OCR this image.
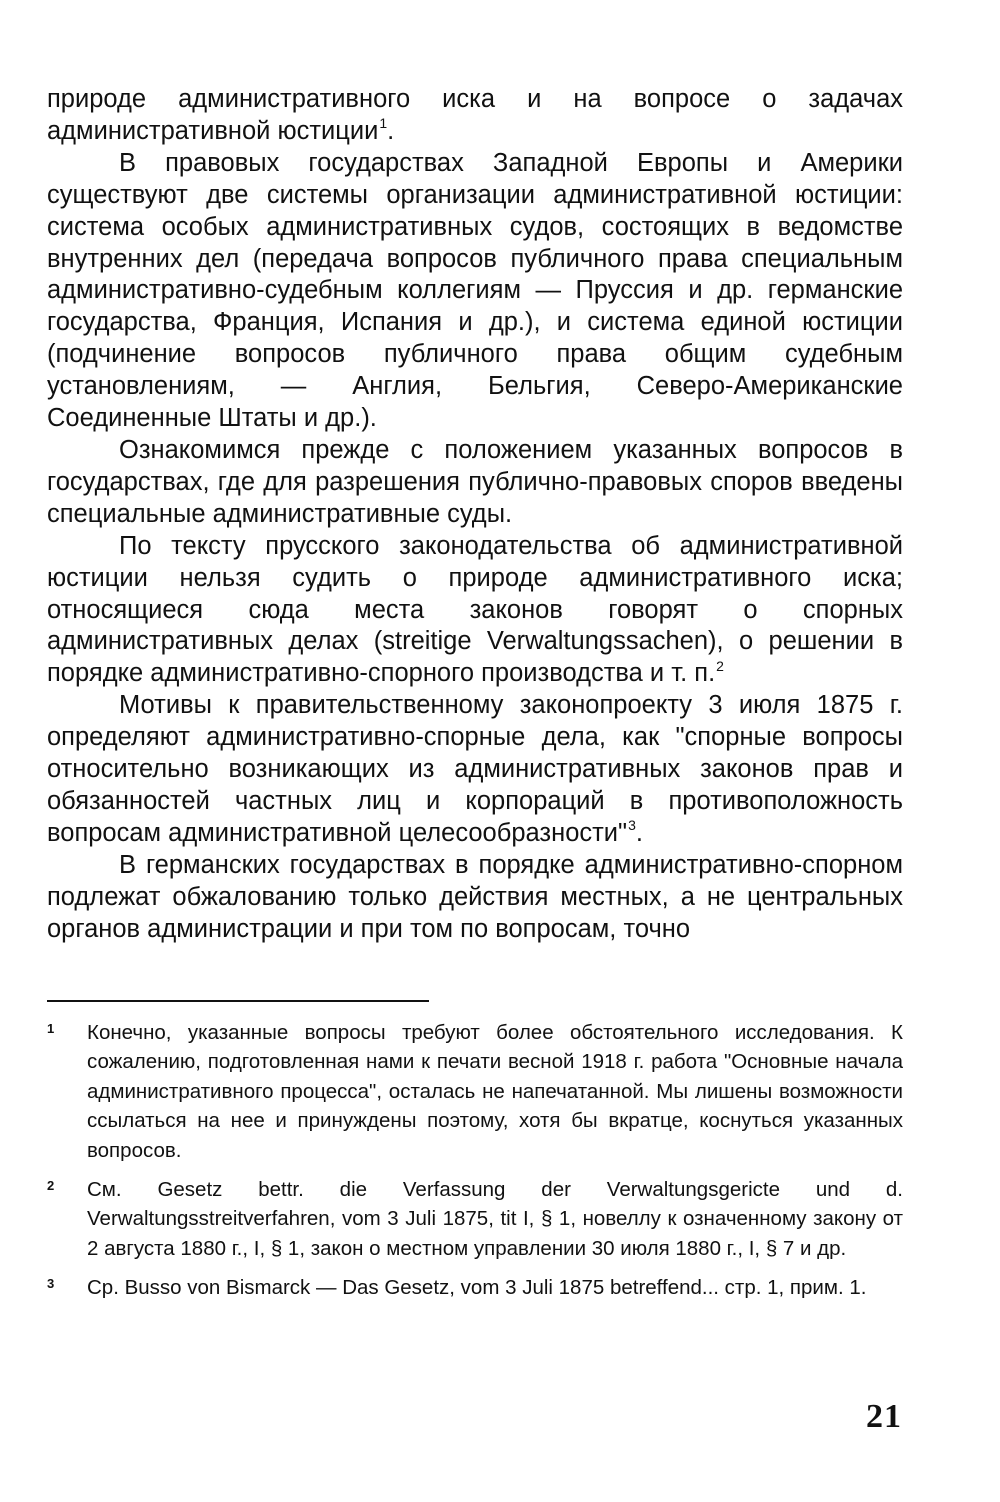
природе административного иска и на вопросе о задачах административной юстиции$^1$.

В правовых государствах Западной Европы и Америки существуют две системы организации административной юстиции: система особых административных судов, состоящих в ведомстве внутренних дел (передача вопросов публичного права специальным административно-судебным коллегиям — Пруссия и др. германские государства, Франция, Испания и др.), и система единой юстиции (подчинение вопросов публичного права общим судебным установлениям, — Англия, Бельгия, Северо-Американские Соединенные Штаты и др.).

Ознакомимся прежде с положением указанных вопросов в государствах, где для разрешения публично-правовых споров введены специальные административные суды.

По тексту прусского законодательства об административной юстиции нельзя судить о природе административного иска; относящиеся сюда места законов говорят о спорных административных делах (streitige Verwaltungssachen), о решении в порядке административно-спорного производства и т. п.$^2$

Мотивы к правительственному законопроекту 3 июля 1875 г. определяют административно-спорные дела, как "спорные вопросы относительно возникающих из административных законов прав и обязанностей частных лиц и корпораций в противоположность вопросам административной целесообразности"$^3$.

В германских государствах в порядке административно-спорном подлежат обжалованию только действия местных, а не центральных органов администрации и при том по вопросам, точно

1	Конечно, указанные вопросы требуют более обстоятельного исследования. К сожалению, подготовленная нами к печати весной 1918 г. работа "Основные начала административного процесса", осталась не напечатанной. Мы лишены возможности ссылаться на нее и принуждены поэтому, хотя бы вкратце, коснуться указанных вопросов.
2	См. Gesetz bettr. die Verfassung der Verwaltungsgericte und d. Verwaltungsstreitverfahren, vom 3 Juli 1875, tit I, § 1, новеллу к означенному закону от 2 августа 1880 г., I, § 1, закон о местном управлении 30 июля 1880 г., I, § 7 и др.
3	Ср. Busso von Bismarck — Das Gesetz, vom 3 Juli 1875 betreffend... стр. 1, прим. 1.
21
